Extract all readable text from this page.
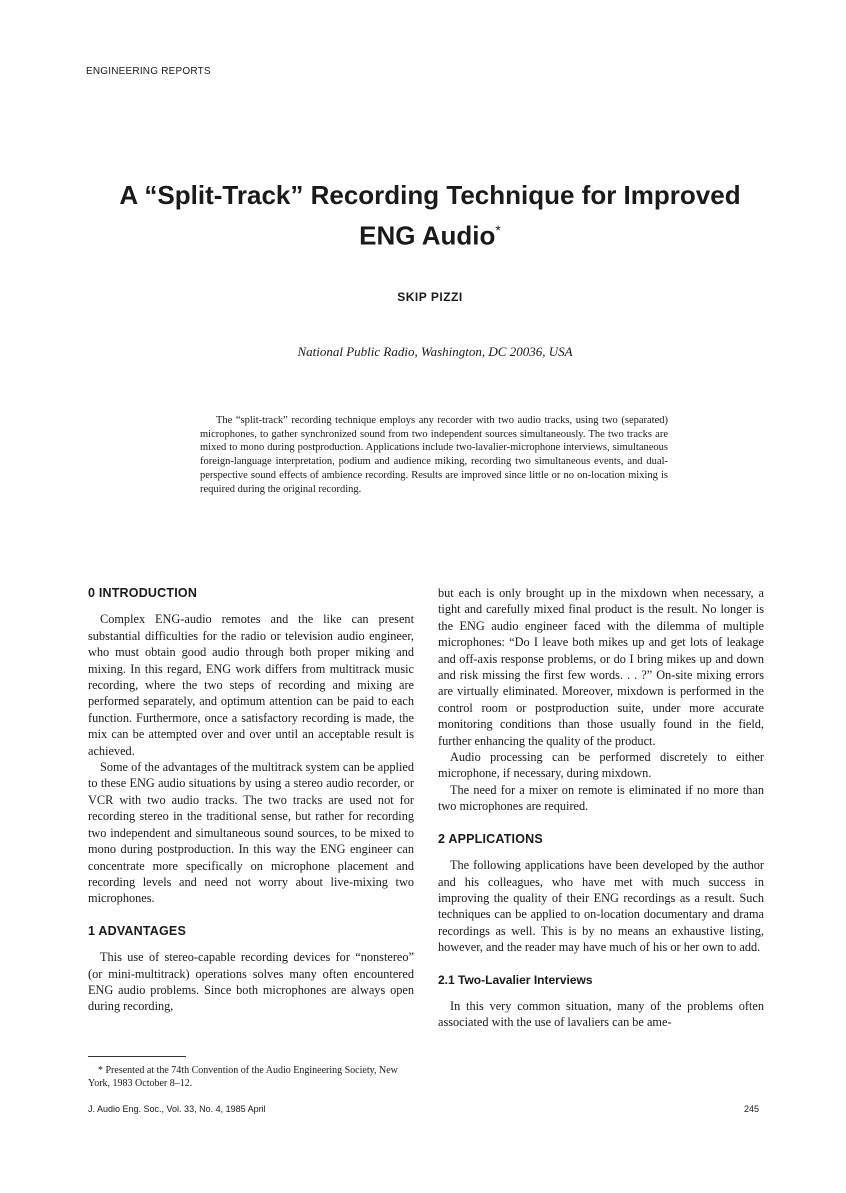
ENGINEERING REPORTS
A “Split-Track” Recording Technique for Improved ENG Audio*
SKIP PIZZI
National Public Radio, Washington, DC 20036, USA

The “split-track” recording technique employs any recorder with two audio tracks, using two (separated) microphones, to gather synchronized sound from two independent sources simultaneously. The two tracks are mixed to mono during postproduction. Applications include two-lavalier-microphone interviews, simultaneous foreign-language interpretation, podium and audience miking, recording two simultaneous events, and dual-perspective sound effects of ambience recording. Results are improved since little or no on-location mixing is required during the original recording.

0 INTRODUCTION

Complex ENG-audio remotes and the like can present substantial difficulties for the radio or television audio engineer, who must obtain good audio through both proper miking and mixing. In this regard, ENG work differs from multitrack music recording, where the two steps of recording and mixing are performed separately, and optimum attention can be paid to each function. Furthermore, once a satisfactory recording is made, the mix can be attempted over and over until an acceptable result is achieved.

Some of the advantages of the multitrack system can be applied to these ENG audio situations by using a stereo audio recorder, or VCR with two audio tracks. The two tracks are used not for recording stereo in the traditional sense, but rather for recording two independent and simultaneous sound sources, to be mixed to mono during postproduction. In this way the ENG engineer can concentrate more specifically on microphone placement and recording levels and need not worry about live-mixing two microphones.

1 ADVANTAGES

This use of stereo-capable recording devices for “nonstereo” (or mini-multitrack) operations solves many often encountered ENG audio problems. Since both microphones are always open during recording,

but each is only brought up in the mixdown when necessary, a tight and carefully mixed final product is the result. No longer is the ENG audio engineer faced with the dilemma of multiple microphones: “Do I leave both mikes up and get lots of leakage and off-axis response problems, or do I bring mikes up and down and risk missing the first few words. . . ?” On-site mixing errors are virtually eliminated. Moreover, mixdown is performed in the control room or postproduction suite, under more accurate monitoring conditions than those usually found in the field, further enhancing the quality of the product.

Audio processing can be performed discretely to either microphone, if necessary, during mixdown.

The need for a mixer on remote is eliminated if no more than two microphones are required.

2 APPLICATIONS

The following applications have been developed by the author and his colleagues, who have met with much success in improving the quality of their ENG recordings as a result. Such techniques can be applied to on-location documentary and drama recordings as well. This is by no means an exhaustive listing, however, and the reader may have much of his or her own to add.

2.1 Two-Lavalier Interviews

In this very common situation, many of the problems often associated with the use of lavaliers can be ame-

* Presented at the 74th Convention of the Audio Engineering Society, New York, 1983 October 8–12.
J. Audio Eng. Soc., Vol. 33, No. 4, 1985 April	245
